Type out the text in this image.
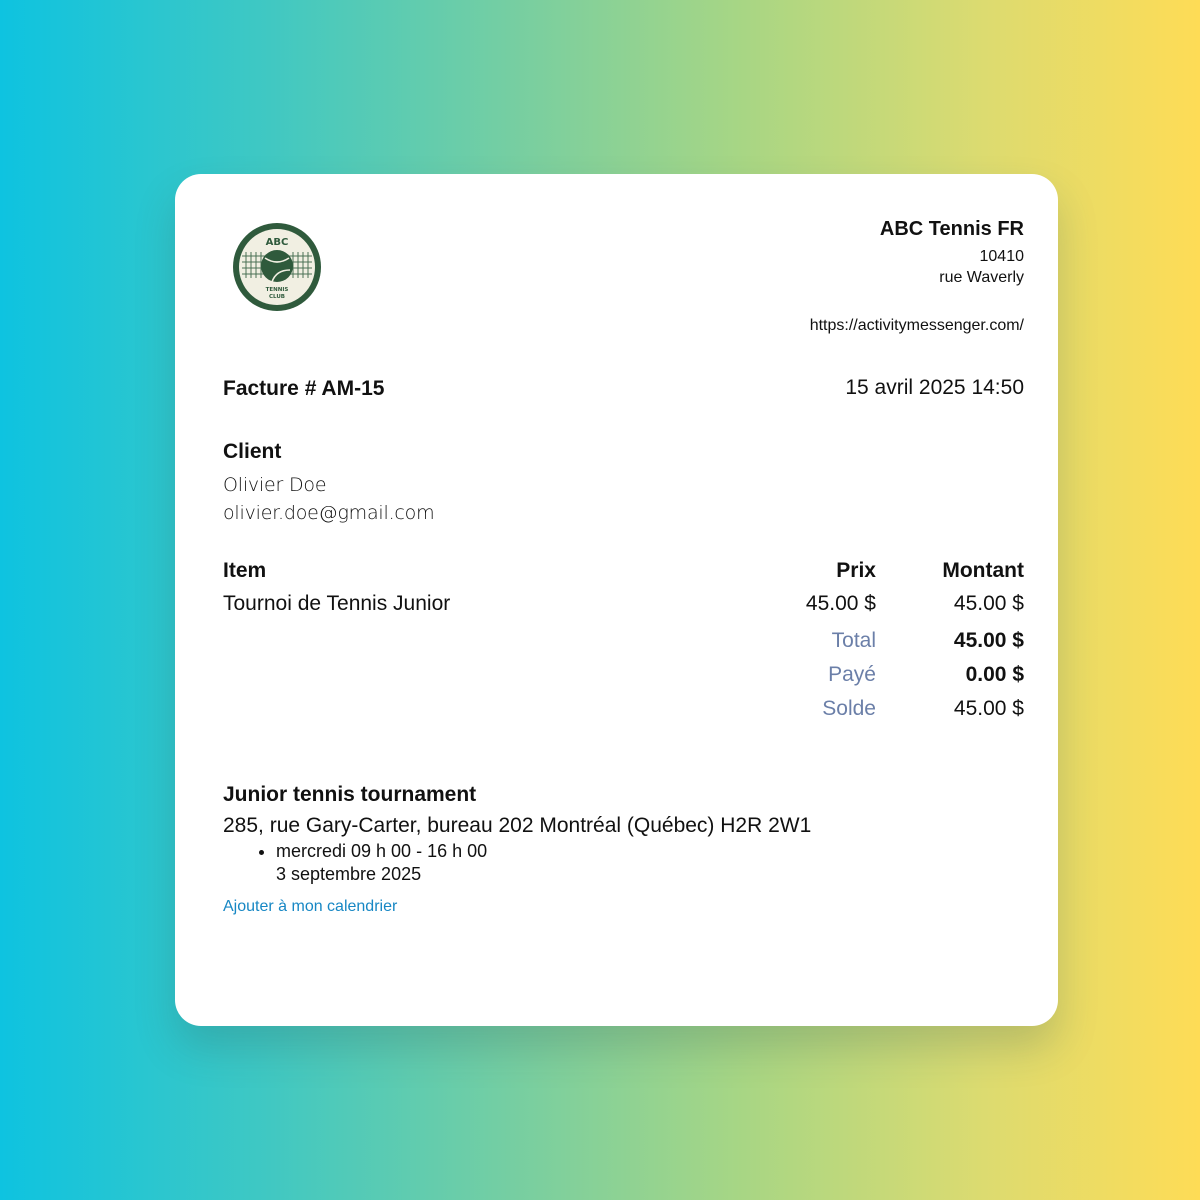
ABC
TENNIS
CLUB
ABC Tennis FR
10410
rue Waverly
https://activitymessenger.com/
Facture # AM-15	15 avril 2025 14:50
Client
Olivier Doe
olivier.doe@gmail.com
Item	Prix	Montant
Tournoi de Tennis Junior	45.00 $	45.00 $
Total	45.00 $
Payé	0.00 $
Solde	45.00 $
Junior tennis tournament
285, rue Gary-Carter, bureau 202 Montréal (Québec) H2R 2W1
• mercredi 09 h 00 - 16 h 00
3 septembre 2025
Ajouter à mon calendrier
